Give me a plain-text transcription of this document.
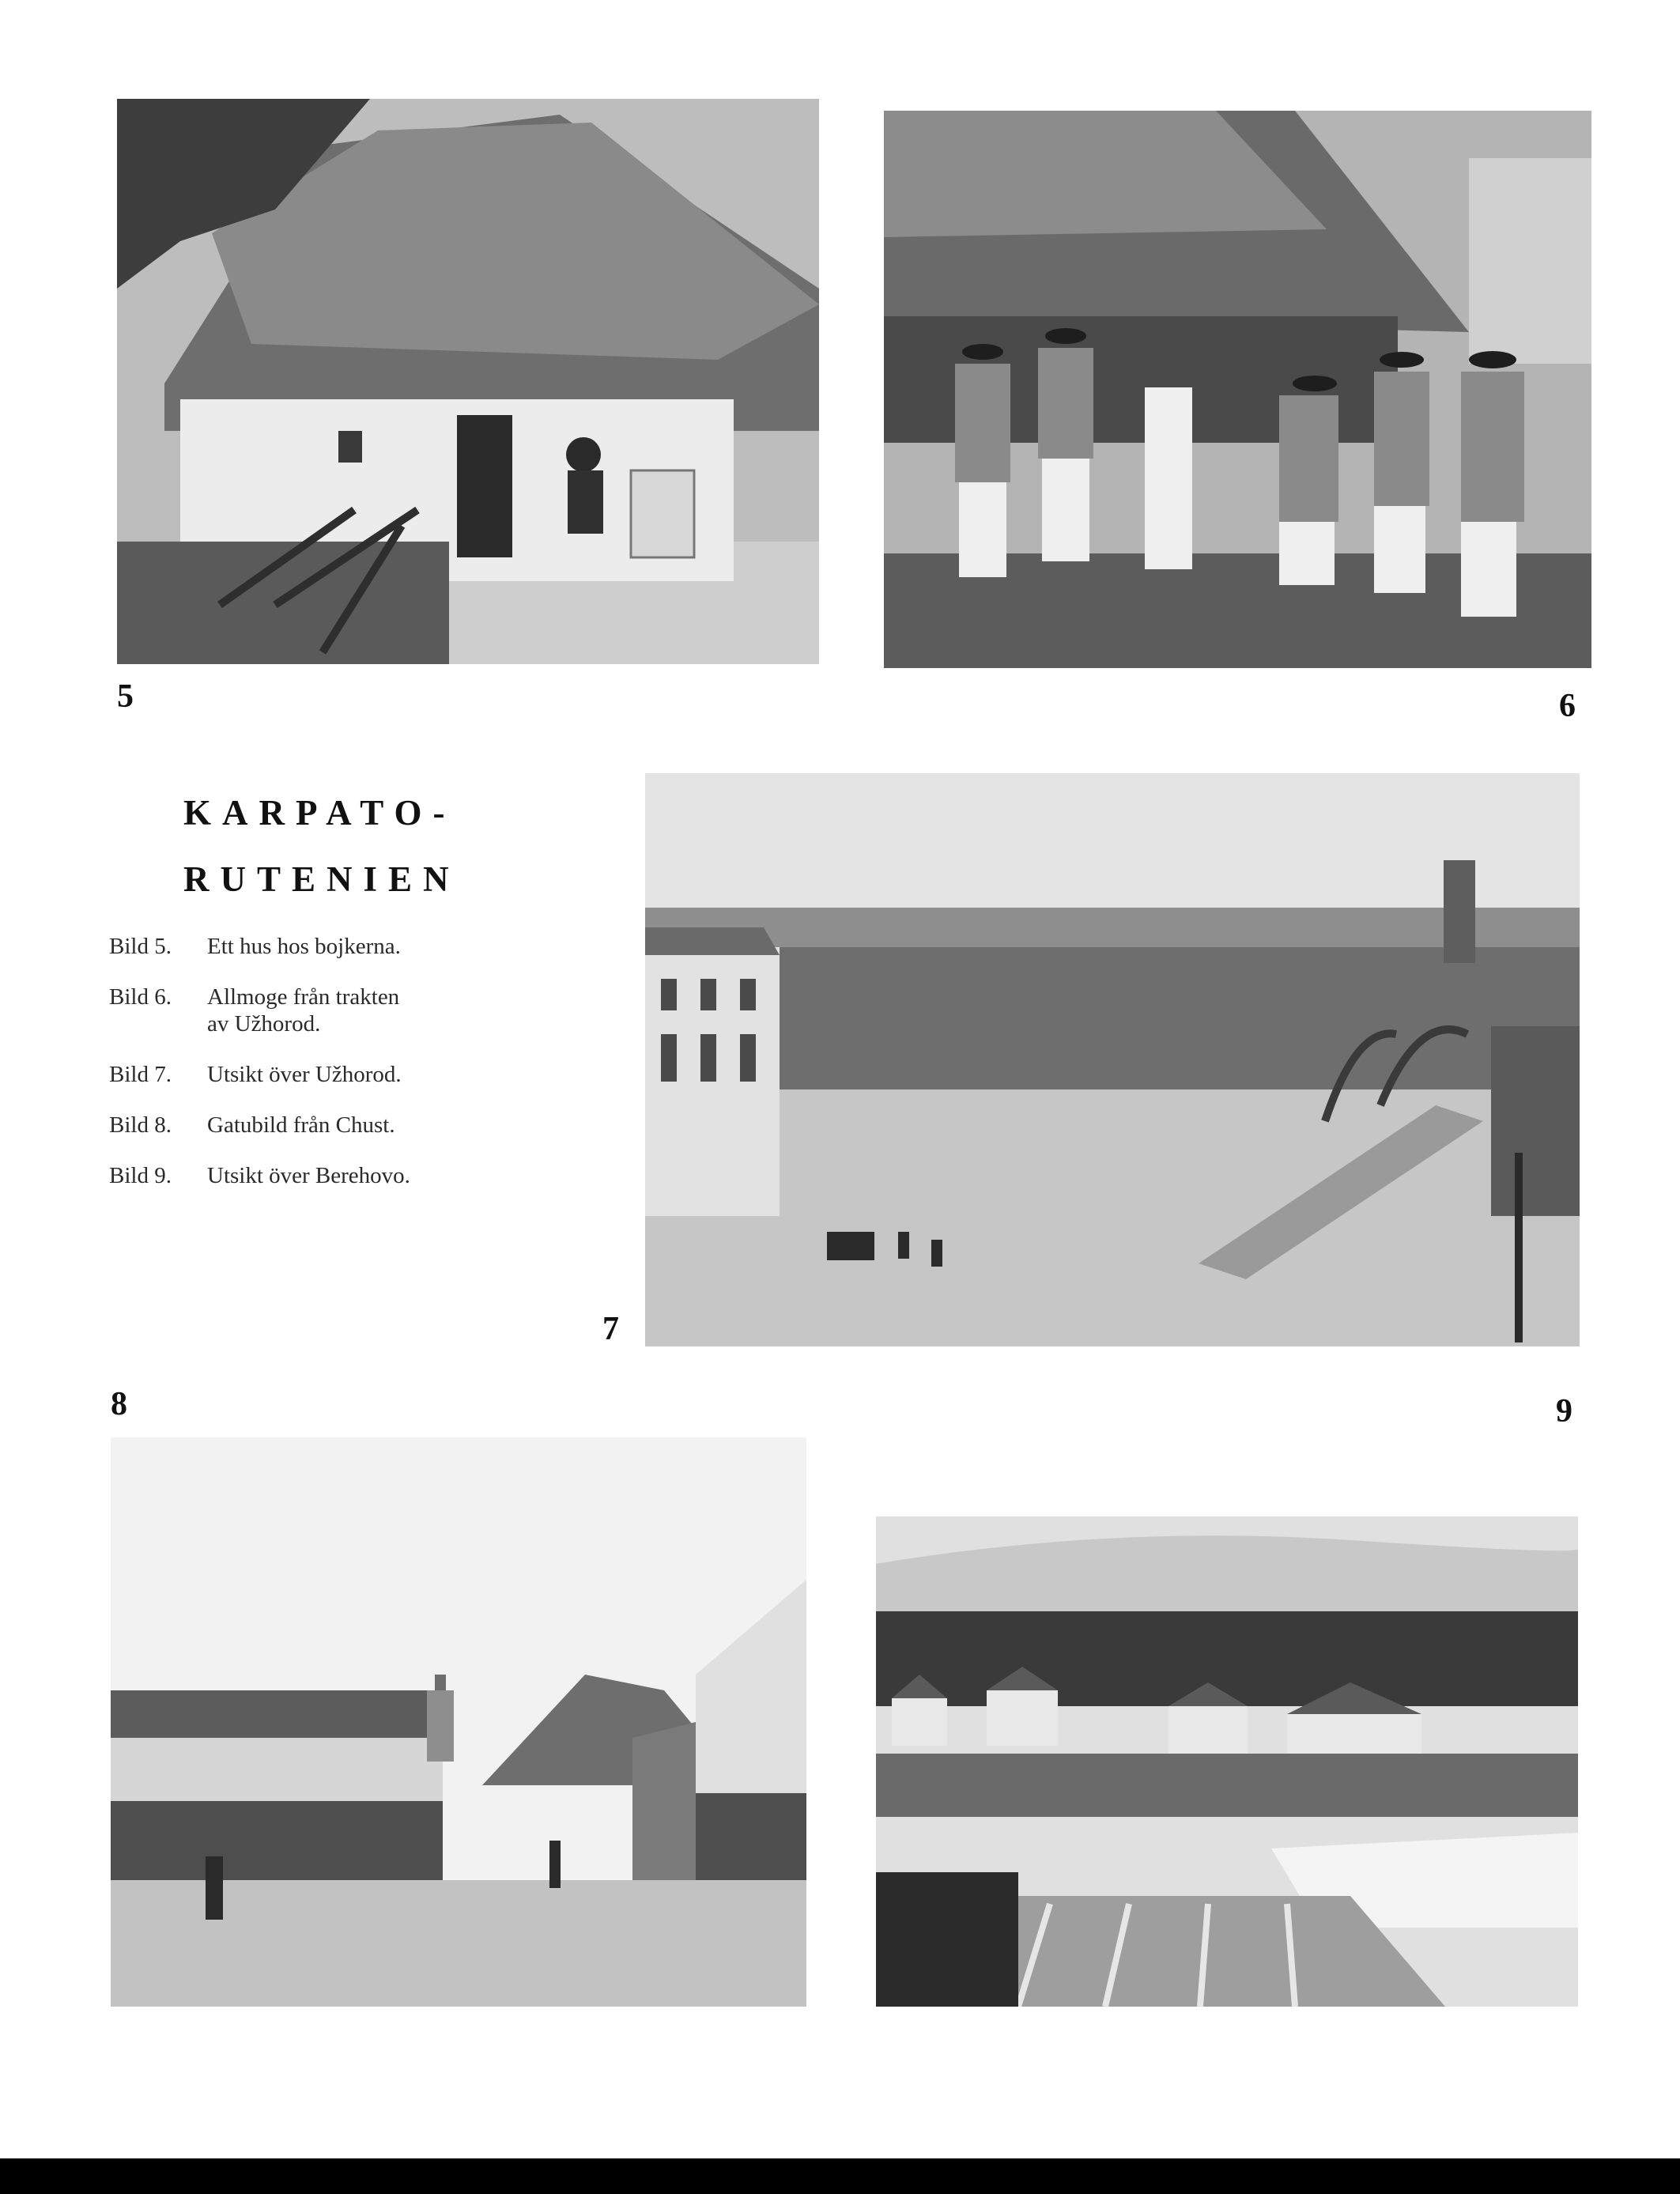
5	6
KARPATO-
RUTENIEN
Bild 5.	Ett hus hos bojkerna.
Bild 6.	Allmoge från trakten
av Užhorod.
Bild 7.	Utsikt över Užhorod.
Bild 8.	Gatubild från Chust.
Bild 9.	Utsikt över Berehovo.
7
8	9
